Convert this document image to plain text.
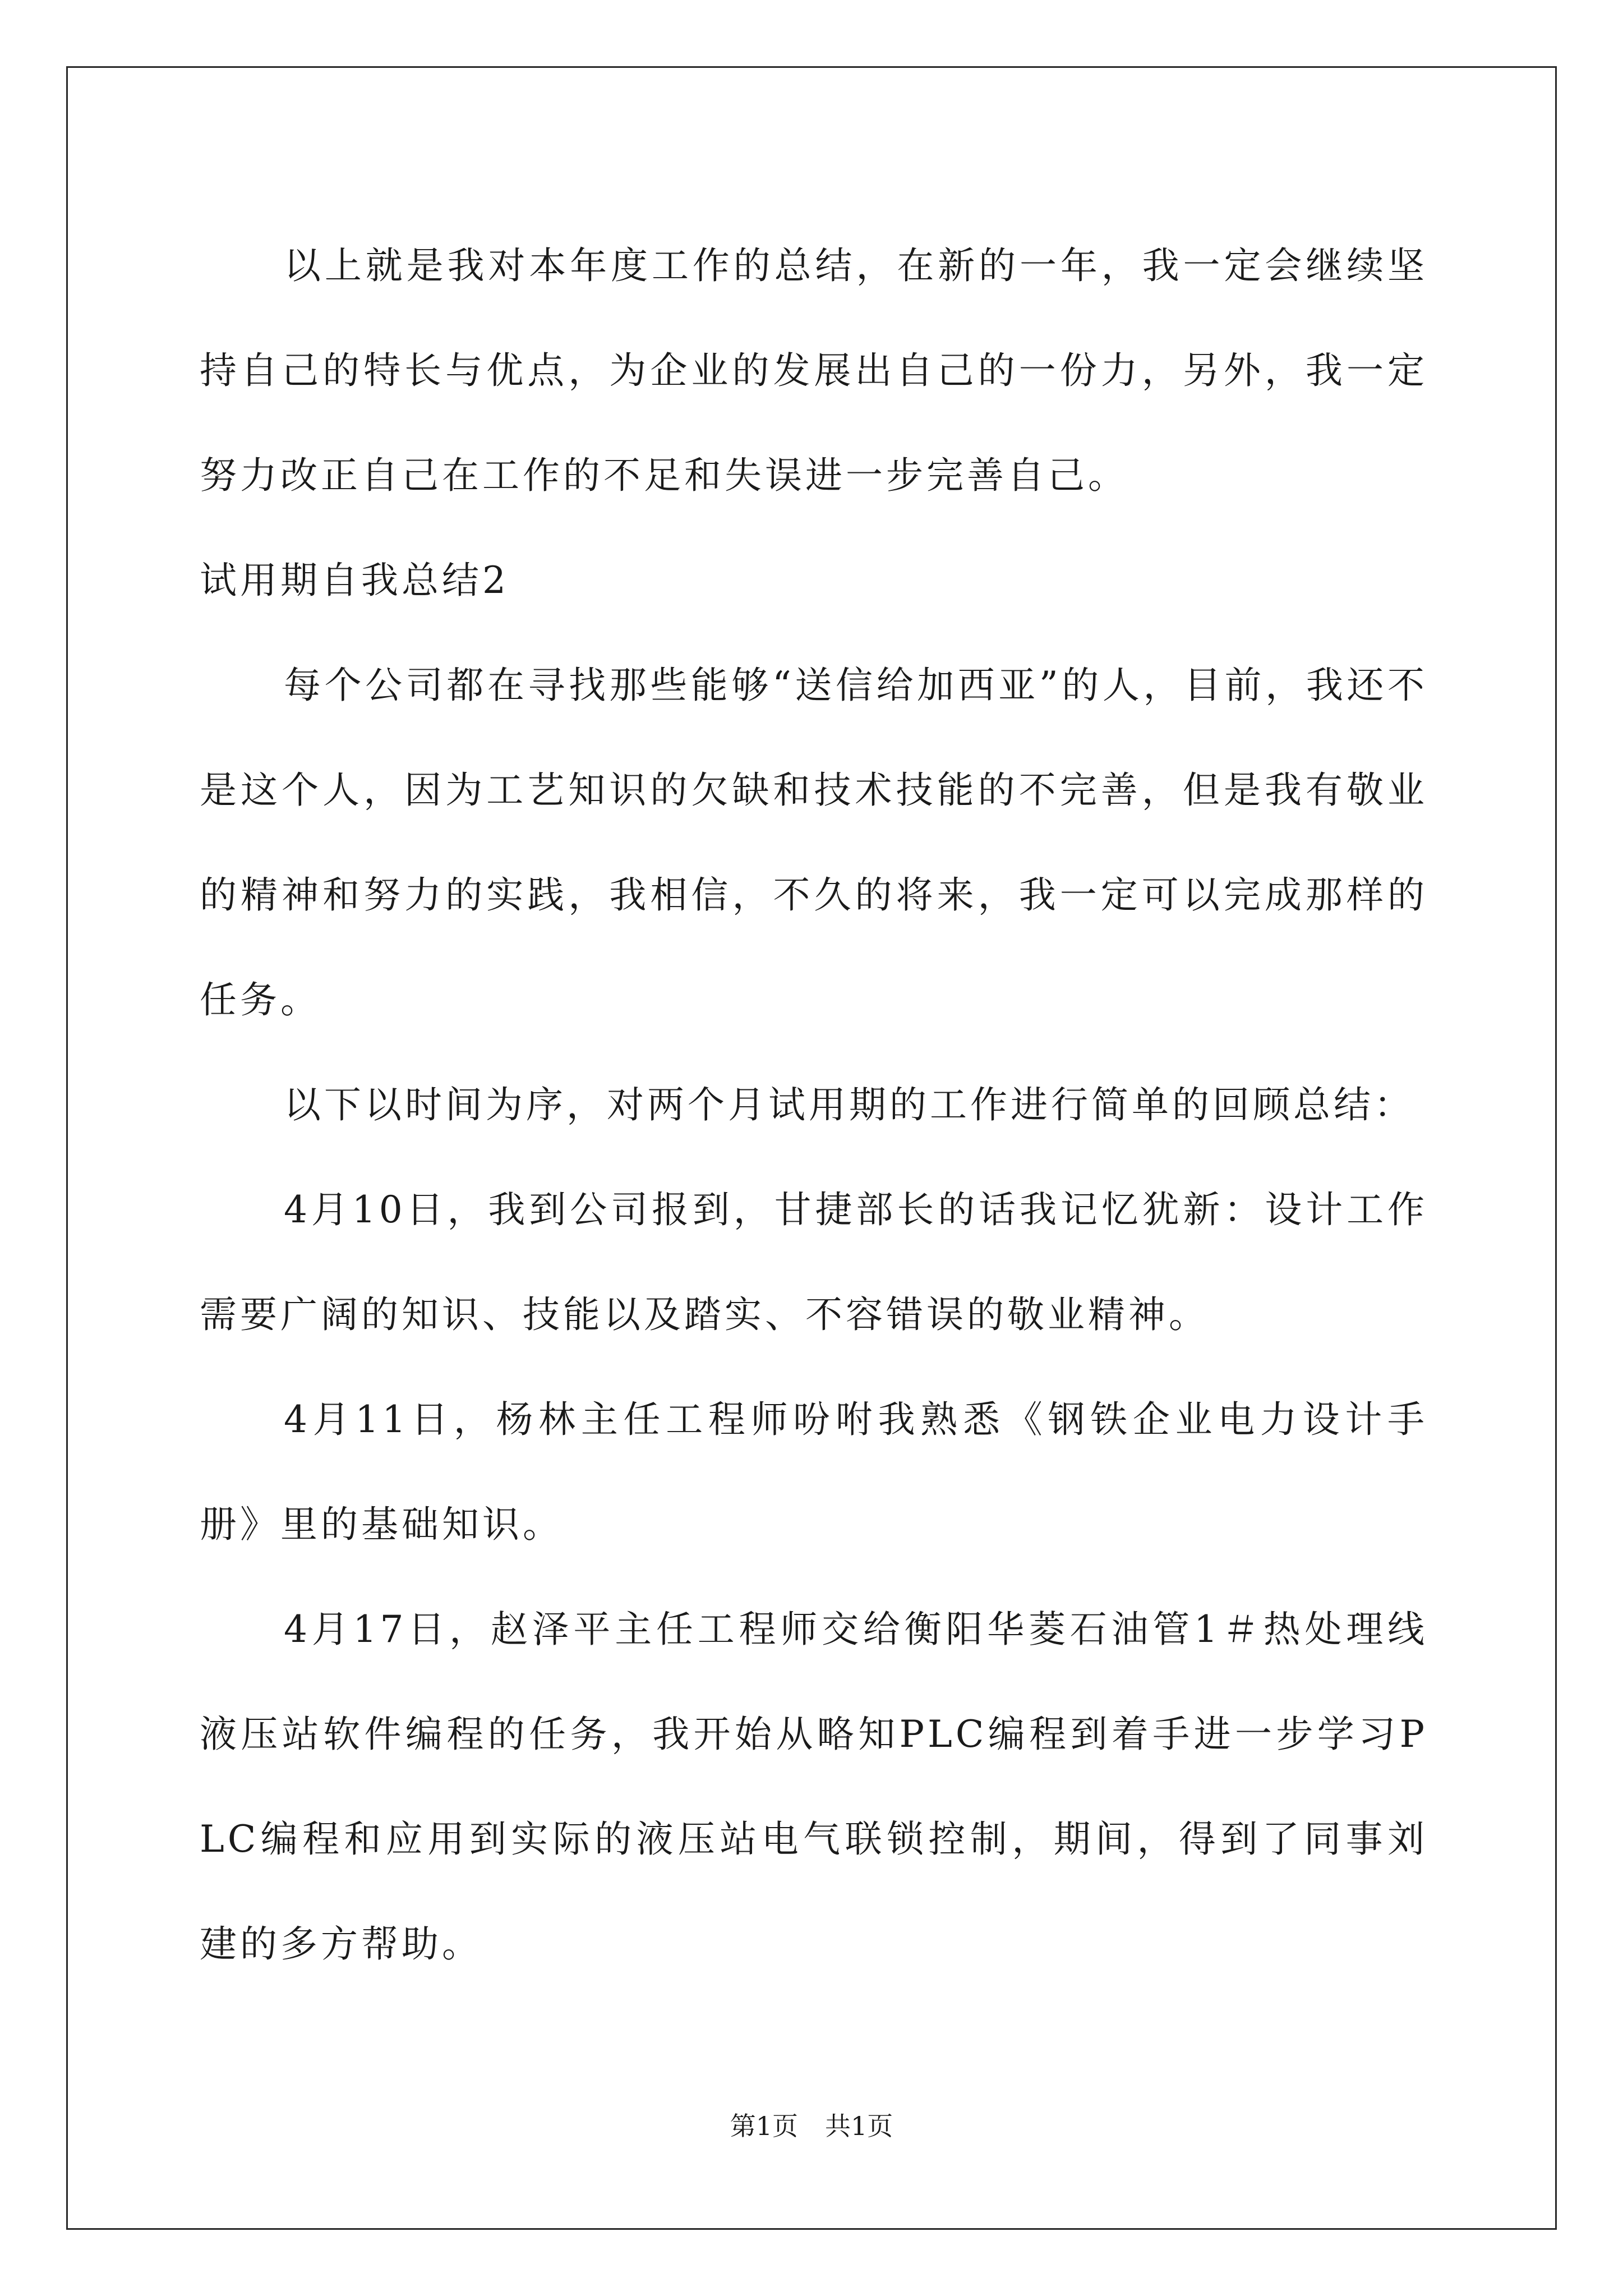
以上就是我对本年度工作的总结，在新的一年，我一定会继续坚持自己的特长与优点，为企业的发展出自己的一份力，另外，我一定努力改正自己在工作的不足和失误进一步完善自己。

试用期自我总结2

每个公司都在寻找那些能够“送信给加西亚”的人，目前，我还不是这个人，因为工艺知识的欠缺和技术技能的不完善，但是我有敬业的精神和努力的实践，我相信，不久的将来，我一定可以完成那样的任务。

以下以时间为序，对两个月试用期的工作进行简单的回顾总结：

4月10日，我到公司报到，甘捷部长的话我记忆犹新：设计工作需要广阔的知识、技能以及踏实、不容错误的敬业精神。

4月11日，杨林主任工程师吩咐我熟悉《钢铁企业电力设计手册》里的基础知识。

4月17日，赵泽平主任工程师交给衡阳华菱石油管1＃热处理线液压站软件编程的任务，我开始从略知PLC编程到着手进一步学习PLC编程和应用到实际的液压站电气联锁控制，期间，得到了同事刘建的多方帮助。

第1页 共1页
